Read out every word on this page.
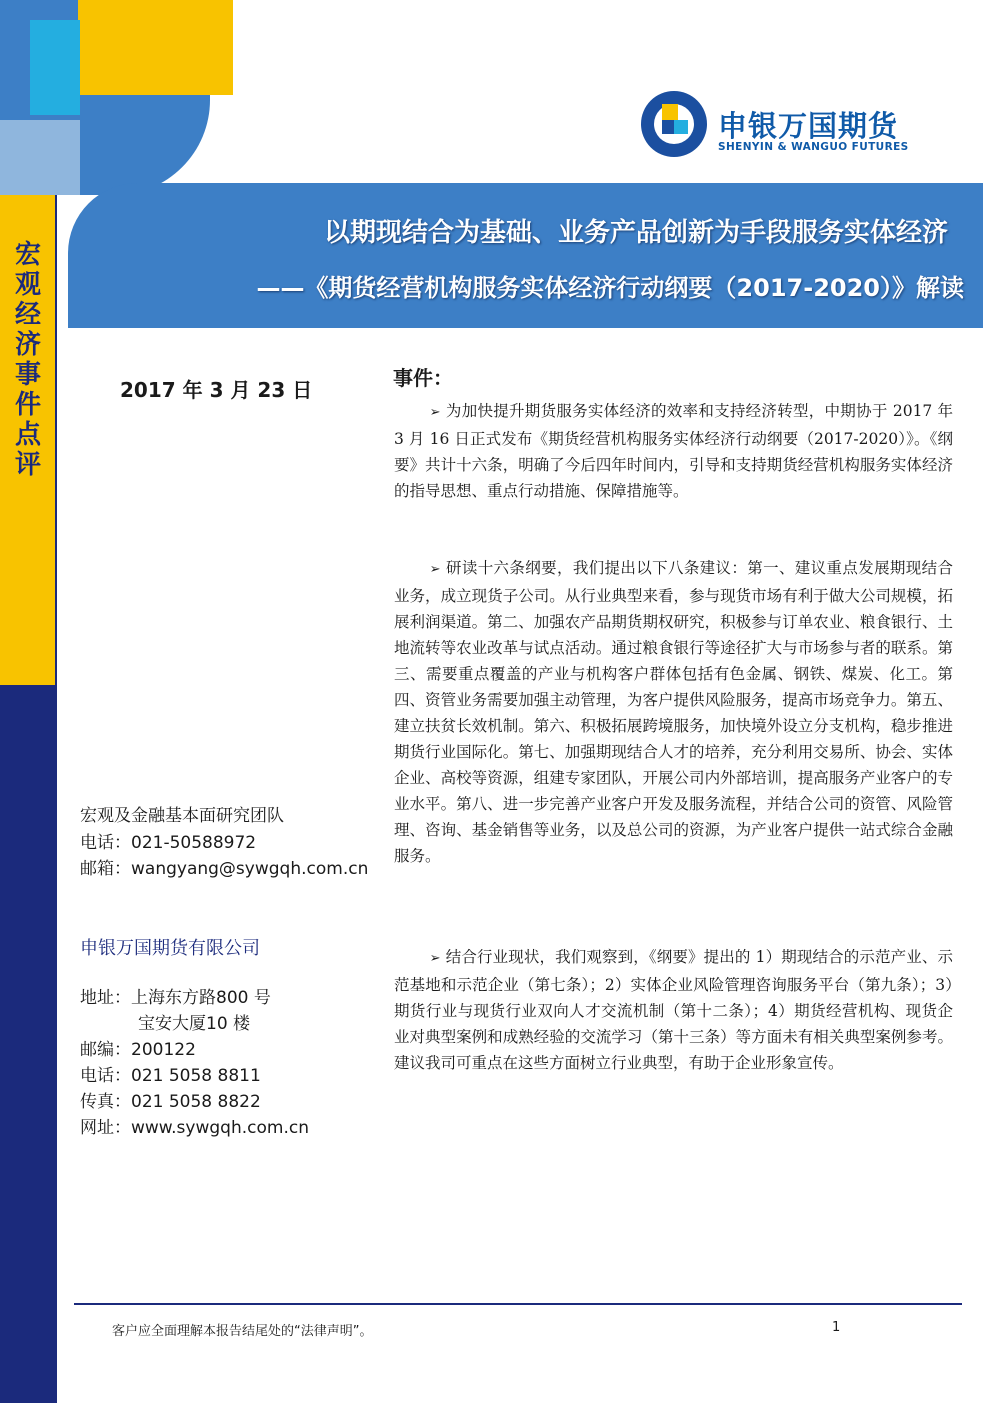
申银万国期货
SHENYIN & WANGUO FUTURES
宏观经济事件点评
以期现结合为基础、业务产品创新为手段服务实体经济
——《期货经营机构服务实体经济行动纲要（2017-2020）》解读
2017 年 3 月 23 日
宏观及金融基本面研究团队
电话：021-50588972
邮箱：wangyang@sywgqh.com.cn
申银万国期货有限公司
地址：上海东方路800 号
宝安大厦10 楼
邮编：200122
电话：021 5058 8811
传真：021 5058 8822
网址：www.sywgqh.com.cn
事件：
➢ 为加快提升期货服务实体经济的效率和支持经济转型，中期协于 2017 年 3 月 16 日正式发布《期货经营机构服务实体经济行动纲要（2017-2020）》。《纲要》共计十六条，明确了今后四年时间内，引导和支持期货经营机构服务实体经济的指导思想、重点行动措施、保障措施等。
➢ 研读十六条纲要，我们提出以下八条建议：第一、建议重点发展期现结合业务，成立现货子公司。从行业典型来看，参与现货市场有利于做大公司规模，拓展利润渠道。第二、加强农产品期货期权研究，积极参与订单农业、粮食银行、土地流转等农业改革与试点活动。通过粮食银行等途径扩大与市场参与者的联系。第三、需要重点覆盖的产业与机构客户群体包括有色金属、钢铁、煤炭、化工。第四、资管业务需要加强主动管理，为客户提供风险服务，提高市场竞争力。第五、建立扶贫长效机制。第六、积极拓展跨境服务，加快境外设立分支机构，稳步推进期货行业国际化。第七、加强期现结合人才的培养，充分利用交易所、协会、实体企业、高校等资源，组建专家团队，开展公司内外部培训，提高服务产业客户的专业水平。第八、进一步完善产业客户开发及服务流程，并结合公司的资管、风险管理、咨询、基金销售等业务，以及总公司的资源，为产业客户提供一站式综合金融服务。
➢ 结合行业现状，我们观察到，《纲要》提出的 1）期现结合的示范产业、示范基地和示范企业（第七条）；2）实体企业风险管理咨询服务平台（第九条）；3）期货行业与现货行业双向人才交流机制（第十二条）；4）期货经营机构、现货企业对典型案例和成熟经验的交流学习（第十三条）等方面未有相关典型案例参考。建议我司可重点在这些方面树立行业典型，有助于企业形象宣传。
客户应全面理解本报告结尾处的“法律声明”。	1
